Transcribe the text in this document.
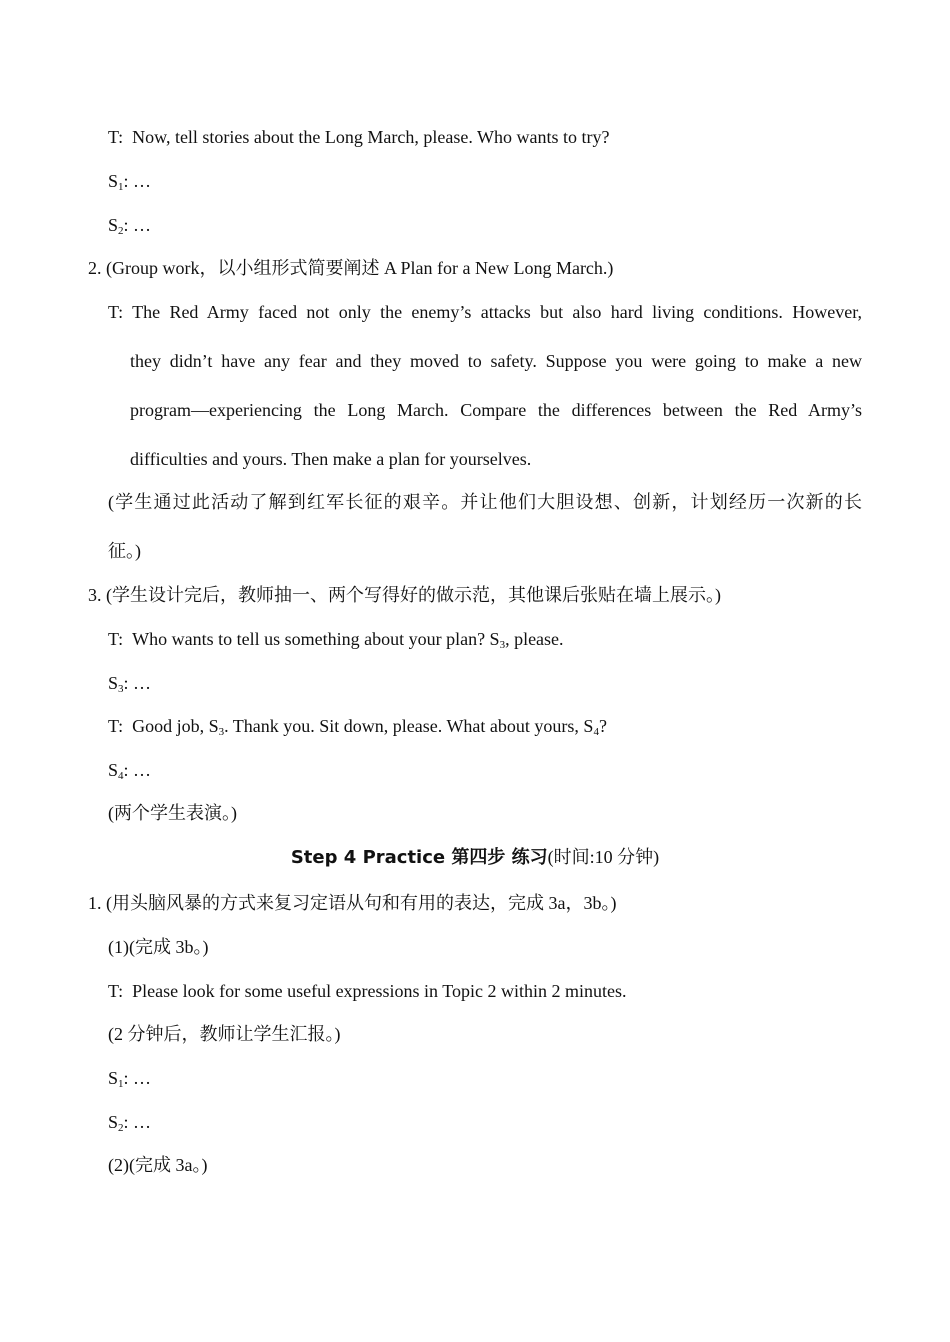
T: Now, tell stories about the Long March, please. Who wants to try?
$S_1$: …
$S_2$: …
2. (Group work，以小组形式简要阐述 A Plan for a New Long March.)
T: The Red Army faced not only the enemy’s attacks but also hard living conditions. However,
they didn’t have any fear and they moved to safety. Suppose you were going to make a new
program—experiencing the Long March. Compare the differences between the Red Army’s
difficulties and yours. Then make a plan for yourselves.
(学生通过此活动了解到红军长征的艰辛。并让他们大胆设想、创新，计划经历一次新的长
征。)
3. (学生设计完后，教师抽一、两个写得好的做示范，其他课后张贴在墙上展示。)
T: Who wants to tell us something about your plan? $S_3$, please.
$S_3$: …
T: Good job, $S_3$. Thank you. Sit down, please. What about yours, $S_4$?
$S_4$: …
(两个学生表演。)
Step 4 Practice 第四步 练习(时间:10 分钟)
1. (用头脑风暴的方式来复习定语从句和有用的表达，完成 3a，3b。)
(1)(完成 3b。)
T: Please look for some useful expressions in Topic 2 within 2 minutes.
(2 分钟后，教师让学生汇报。)
$S_1$: …
$S_2$: …
(2)(完成 3a。)
